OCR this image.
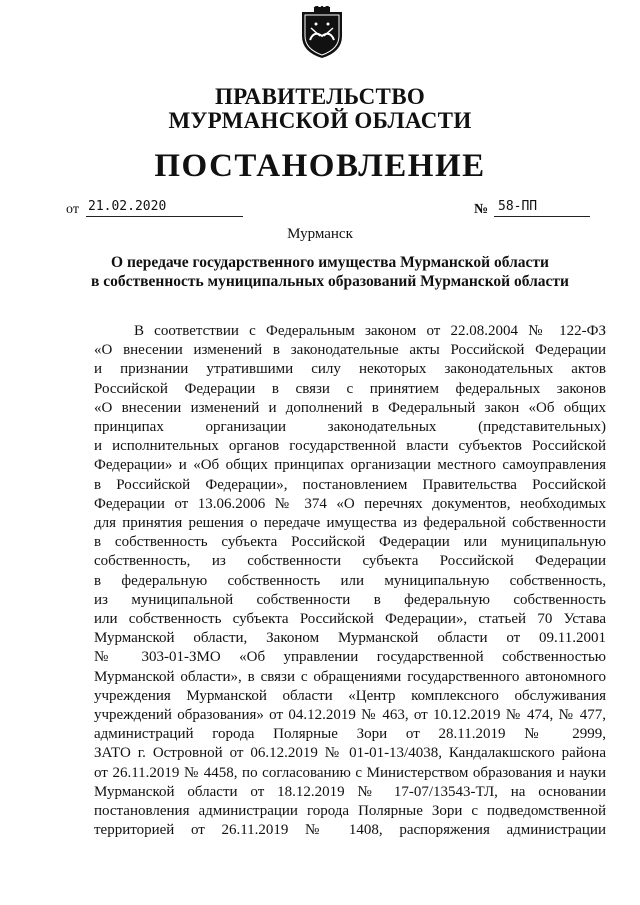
ПРАВИТЕЛЬСТВО
МУРМАНСКОЙ ОБЛАСТИ
ПОСТАНОВЛЕНИЕ
от 21.02.2020	№ 58-ПП
Мурманск
О передаче государственного имущества Мурманской области
в собственность муниципальных образований Мурманской области
В соответствии с Федеральным законом от 22.08.2004 № 122-ФЗ
«О внесении изменений в законодательные акты Российской Федерации
и признании утратившими силу некоторых законодательных актов
Российской Федерации в связи с принятием федеральных законов
«О внесении изменений и дополнений в Федеральный закон «Об общих
принципах организации законодательных (представительных)
и исполнительных органов государственной власти субъектов Российской
Федерации» и «Об общих принципах организации местного самоуправления
в Российской Федерации», постановлением Правительства Российской
Федерации от 13.06.2006 № 374 «О перечнях документов, необходимых
для принятия решения о передаче имущества из федеральной собственности
в собственность субъекта Российской Федерации или муниципальную
собственность, из собственности субъекта Российской Федерации
в федеральную собственность или муниципальную собственность,
из муниципальной собственности в федеральную собственность
или собственность субъекта Российской Федерации», статьей 70 Устава
Мурманской области, Законом Мурманской области от 09.11.2001
№ 303-01-ЗМО «Об управлении государственной собственностью
Мурманской области», в связи с обращениями государственного автономного
учреждения Мурманской области «Центр комплексного обслуживания
учреждений образования» от 04.12.2019 № 463, от 10.12.2019 № 474, № 477,
администраций города Полярные Зори от 28.11.2019 № 2999,
ЗАТО г. Островной от 06.12.2019 № 01-01-13/4038, Кандалакшского района
от 26.11.2019 № 4458, по согласованию с Министерством образования и науки
Мурманской области от 18.12.2019 № 17-07/13543-ТЛ, на основании
постановления администрации города Полярные Зори с подведомственной
территорией от 26.11.2019 № 1408, распоряжения администрации
